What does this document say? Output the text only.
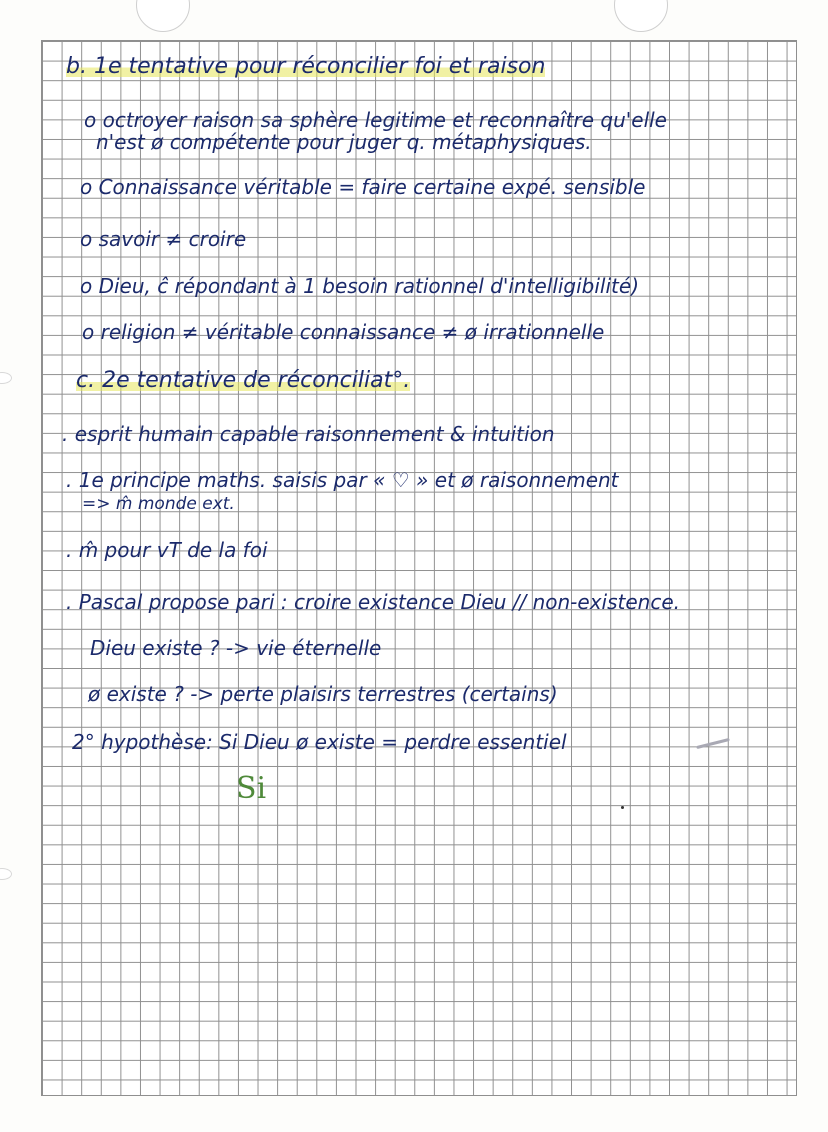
b. 1e tentative pour réconcilier foi et raison
o octroyer raison sa sphère legitime et reconnaître qu'elle
n'est ø compétente pour juger q. métaphysiques.
o Connaissance véritable = faire certaine expé. sensible
o savoir ≠ croire
o Dieu, ĉ répondant à 1 besoin rationnel d'intelligibilité)
o religion ≠ véritable connaissance ≠ ø irrationnelle
c. 2e tentative de réconciliat°.
. esprit humain capable raisonnement & intuition
. 1e principe maths. saisis par « ♡ » et ø raisonnement
=> m̂ monde ext.
. m̂ pour vT de la foi
. Pascal propose pari : croire existence Dieu // non-existence.
Dieu existe ? -> vie éternelle
ø existe ? -> perte plaisirs terrestres (certains)
2° hypothèse: Si Dieu ø existe = perdre essentiel
Si
